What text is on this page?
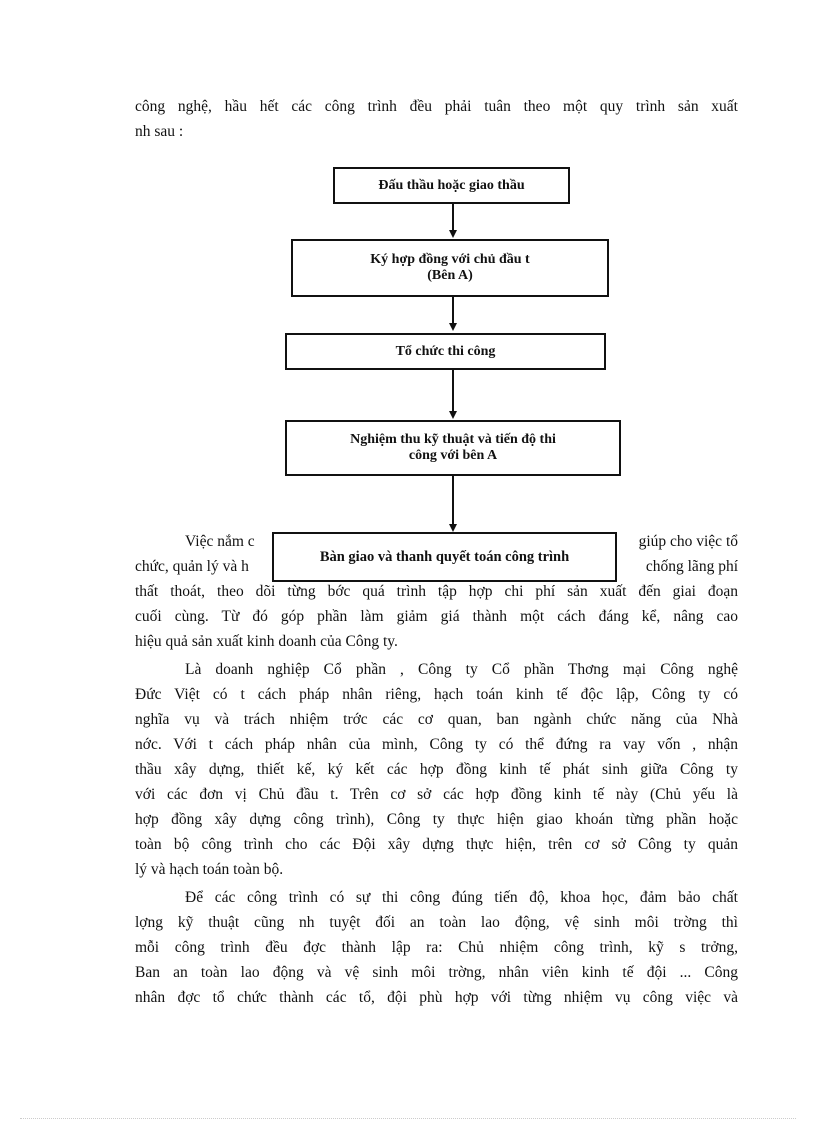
công nghệ, hầu hết các công trình đều phải tuân theo một quy trình sản xuất
nh sau :
Việc nắm c	giúp cho việc tổ
chức, quản lý và h	chống lãng phí
thất thoát, theo dõi từng bớc quá trình tập hợp chi phí sản xuất đến giai đoạn
cuối cùng. Từ đó góp phần làm giảm giá thành một cách đáng kể, nâng cao
hiệu quả sản xuất kinh doanh của Công ty.
Là doanh nghiệp Cổ phần , Công ty Cổ phần Thơng mại Công nghệ
Đức Việt có t cách pháp nhân riêng, hạch toán kinh tế độc lập, Công ty có
nghĩa vụ và trách nhiệm trớc các cơ quan, ban ngành chức năng của Nhà
nớc. Với t cách pháp nhân của mình, Công ty có thể đứng ra vay vốn , nhận
thầu xây dựng, thiết kế, ký kết các hợp đồng kinh tế phát sinh giữa Công ty
với các đơn vị Chủ đầu t. Trên cơ sở các hợp đồng kinh tế này (Chủ yếu là
hợp đồng xây dựng công trình), Công ty thực hiện giao khoán từng phần hoặc
toàn bộ công trình cho các Đội xây dựng thực hiện, trên cơ sở Công ty quản
lý và hạch toán toàn bộ.
Để các công trình có sự thi công đúng tiến độ, khoa học, đảm bảo chất
lợng kỹ thuật cũng nh tuyệt đối an toàn lao động, vệ sinh môi trờng thì
mỗi công trình đều đợc thành lập ra: Chủ nhiệm công trình, kỹ s trởng,
Ban an toàn lao động và vệ sinh môi trờng, nhân viên kinh tế đội ... Công
nhân đợc tổ chức thành các tổ, đội phù hợp với từng nhiệm vụ công việc và
Đấu thầu hoặc giao thầu
Ký hợp đồng với chủ đầu t
(Bên A)
Tổ chức thi công
Nghiệm thu kỹ thuật và tiến độ thi
công với bên A
Bàn giao và thanh quyết toán công trình
